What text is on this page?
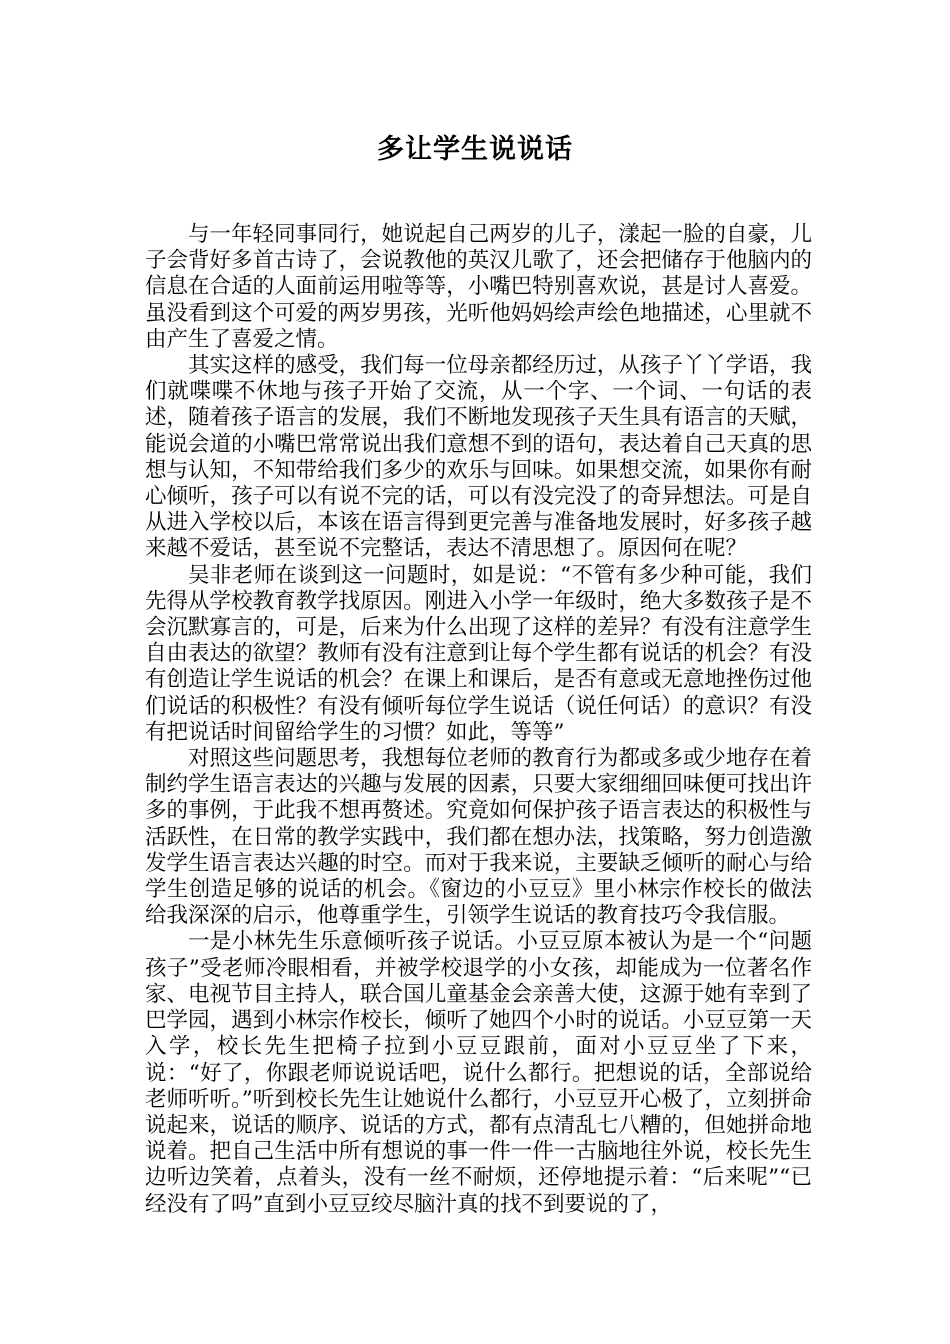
多让学生说说话

与一年轻同事同行，她说起自己两岁的儿子，漾起一脸的自豪，儿子会背好多首古诗了，会说教他的英汉儿歌了，还会把储存于他脑内的信息在合适的人面前运用啦等等，小嘴巴特别喜欢说，甚是讨人喜爱。虽没看到这个可爱的两岁男孩，光听他妈妈绘声绘色地描述，心里就不由产生了喜爱之情。

其实这样的感受，我们每一位母亲都经历过，从孩子丫丫学语，我们就喋喋不休地与孩子开始了交流，从一个字、一个词、一句话的表述，随着孩子语言的发展，我们不断地发现孩子天生具有语言的天赋，能说会道的小嘴巴常常说出我们意想不到的语句，表达着自己天真的思想与认知，不知带给我们多少的欢乐与回味。如果想交流，如果你有耐心倾听，孩子可以有说不完的话，可以有没完没了的奇异想法。可是自从进入学校以后，本该在语言得到更完善与准备地发展时，好多孩子越来越不爱话，甚至说不完整话，表达不清思想了。原因何在呢？

吴非老师在谈到这一问题时，如是说：“不管有多少种可能，我们先得从学校教育教学找原因。刚进入小学一年级时，绝大多数孩子是不会沉默寡言的，可是，后来为什么出现了这样的差异？有没有注意学生自由表达的欲望？教师有没有注意到让每个学生都有说话的机会？有没有创造让学生说话的机会？在课上和课后，是否有意或无意地挫伤过他们说话的积极性？有没有倾听每位学生说话（说任何话）的意识？有没有把说话时间留给学生的习惯？如此，等等”

对照这些问题思考，我想每位老师的教育行为都或多或少地存在着制约学生语言表达的兴趣与发展的因素，只要大家细细回味便可找出许多的事例，于此我不想再赘述。究竟如何保护孩子语言表达的积极性与活跃性，在日常的教学实践中，我们都在想办法，找策略，努力创造激发学生语言表达兴趣的时空。而对于我来说，主要缺乏倾听的耐心与给学生创造足够的说话的机会。《窗边的小豆豆》里小林宗作校长的做法给我深深的启示，他尊重学生，引领学生说话的教育技巧令我信服。

一是小林先生乐意倾听孩子说话。小豆豆原本被认为是一个“问题孩子”受老师冷眼相看，并被学校退学的小女孩，却能成为一位著名作家、电视节目主持人，联合国儿童基金会亲善大使，这源于她有幸到了巴学园，遇到小林宗作校长，倾听了她四个小时的说话。小豆豆第一天入学，校长先生把椅子拉到小豆豆跟前，面对小豆豆坐了下来，说：“好了，你跟老师说说话吧，说什么都行。把想说的话，全部说给老师听听。”听到校长先生让她说什么都行，小豆豆开心极了，立刻拼命说起来，说话的顺序、说话的方式，都有点清乱七八糟的，但她拼命地说着。把自己生活中所有想说的事一件一件一古脑地往外说，校长先生边听边笑着，点着头，没有一丝不耐烦，还停地提示着：“后来呢”“已经没有了吗”直到小豆豆绞尽脑汁真的找不到要说的了，
